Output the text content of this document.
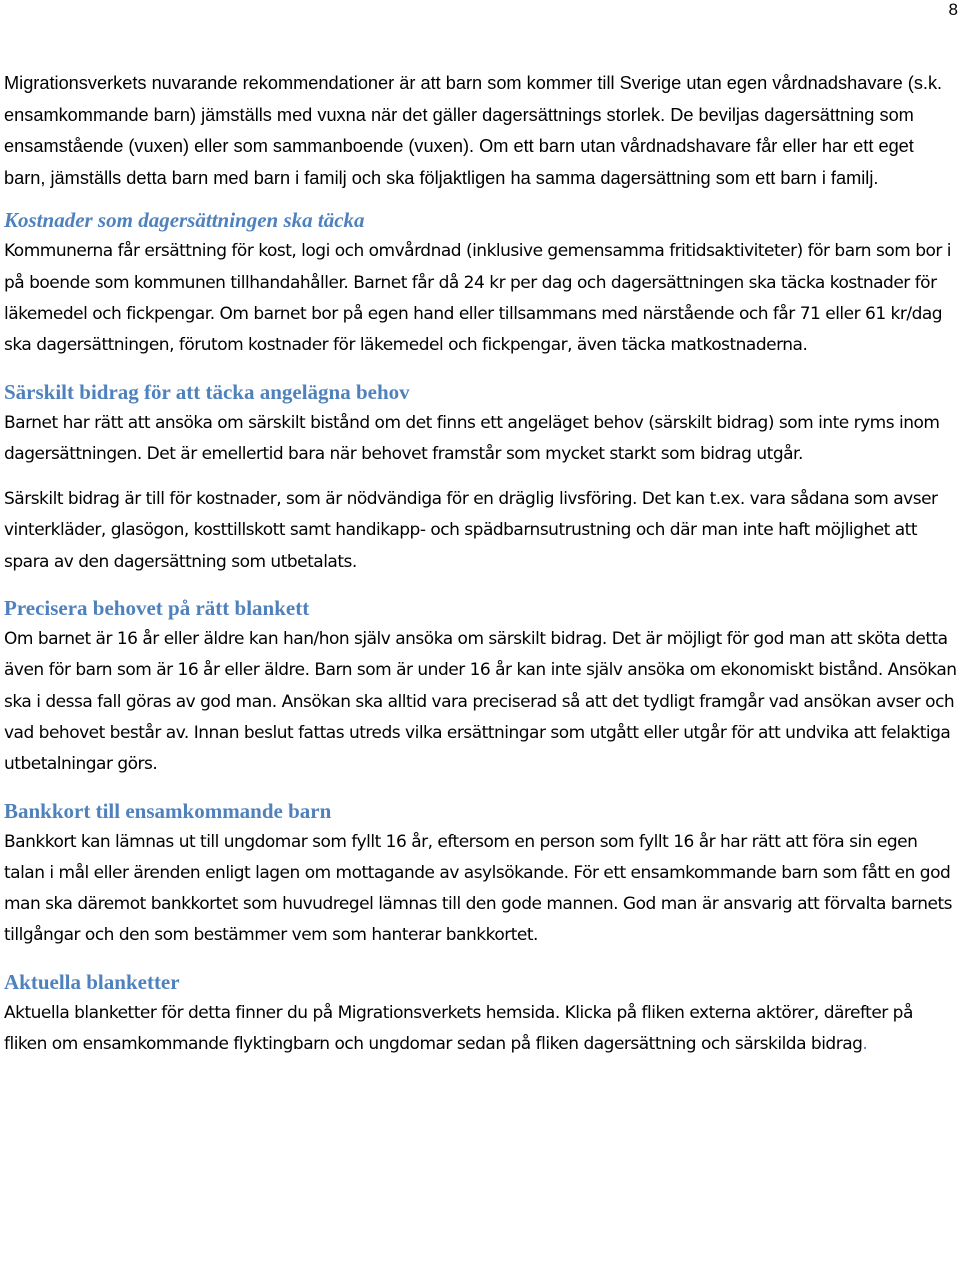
8

Migrationsverkets nuvarande rekommendationer är att barn som kommer till Sverige utan egen vårdnadshavare (s.k. ensamkommande barn) jämställs med vuxna när det gäller dagersättnings storlek. De beviljas dagersättning som ensamstående (vuxen) eller som sammanboende (vuxen). Om ett barn utan vårdnadshavare får eller har ett eget barn, jämställs detta barn med barn i familj och ska följaktligen ha samma dagersättning som ett barn i familj.

Kostnader som dagersättningen ska täcka

Kommunerna får ersättning för kost, logi och omvårdnad (inklusive gemensamma fritidsaktiviteter) för barn som bor i på boende som kommunen tillhandahåller. Barnet får då 24 kr per dag och dagersättningen ska täcka kostnader för läkemedel och fickpengar. Om barnet bor på egen hand eller tillsammans med närstående och får 71 eller 61 kr/dag ska dagersättningen, förutom kostnader för läkemedel och fickpengar, även täcka matkostnaderna.

Särskilt bidrag för att täcka angelägna behov

Barnet har rätt att ansöka om särskilt bistånd om det finns ett angeläget behov (särskilt bidrag) som inte ryms inom dagersättningen. Det är emellertid bara när behovet framstår som mycket starkt som bidrag utgår.

Särskilt bidrag är till för kostnader, som är nödvändiga för en dräglig livsföring. Det kan t.ex. vara sådana som avser vinterkläder, glasögon, kosttillskott samt handikapp- och spädbarnsutrustning och där man inte haft möjlighet att spara av den dagersättning som utbetalats.

Precisera behovet på rätt blankett

Om barnet är 16 år eller äldre kan han/hon själv ansöka om särskilt bidrag. Det är möjligt för god man att sköta detta även för barn som är 16 år eller äldre. Barn som är under 16 år kan inte själv ansöka om ekonomiskt bistånd. Ansökan ska i dessa fall göras av god man. Ansökan ska alltid vara preciserad så att det tydligt framgår vad ansökan avser och vad behovet består av. Innan beslut fattas utreds vilka ersättningar som utgått eller utgår för att undvika att felaktiga utbetalningar görs.

Bankkort till ensamkommande barn

Bankkort kan lämnas ut till ungdomar som fyllt 16 år, eftersom en person som fyllt 16 år har rätt att föra sin egen talan i mål eller ärenden enligt lagen om mottagande av asylsökande. För ett ensamkommande barn som fått en god man ska däremot bankkortet som huvudregel lämnas till den gode mannen. God man är ansvarig att förvalta barnets tillgångar och den som bestämmer vem som hanterar bankkortet.

Aktuella blanketter

Aktuella blanketter för detta finner du på Migrationsverkets hemsida. Klicka på fliken externa aktörer, därefter på fliken om ensamkommande flyktingbarn och ungdomar sedan på fliken dagersättning och särskilda bidrag.
